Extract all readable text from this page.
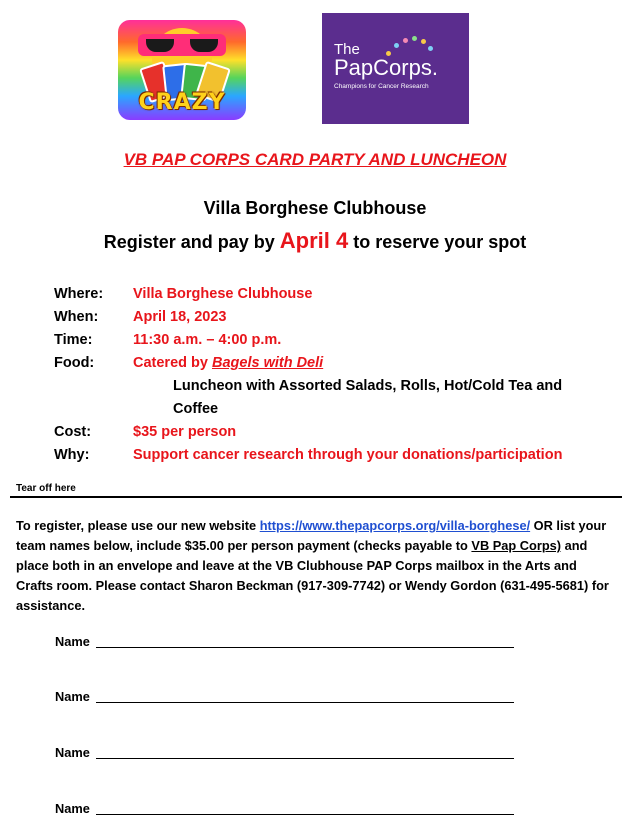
CRAZY
The
PapCorps.
Champions for Cancer Research
VB PAP CORPS CARD PARTY AND LUNCHEON
Villa Borghese Clubhouse
Register and pay by April 4 to reserve your spot
Where: Villa Borghese Clubhouse
When: April 18, 2023
Time:	11:30 a.m. – 4:00 p.m.
Food:	Catered by Bagels with Deli
Luncheon with Assorted Salads, Rolls, Hot/Cold Tea and Coffee
Cost:	$35 per person
Why:	Support cancer research through your donations/participation
Tear off here
To register, please use our new website https://www.thepapcorps.org/villa-borghese/ OR list your team names below, include $35.00 per person payment (checks payable to VB Pap Corps) and place both in an envelope and leave at the VB Clubhouse PAP Corps mailbox in the Arts and Crafts room. Please contact Sharon Beckman (917-309-7742) or Wendy Gordon (631-495-5681) for assistance.
Name
Name
Name
Name
